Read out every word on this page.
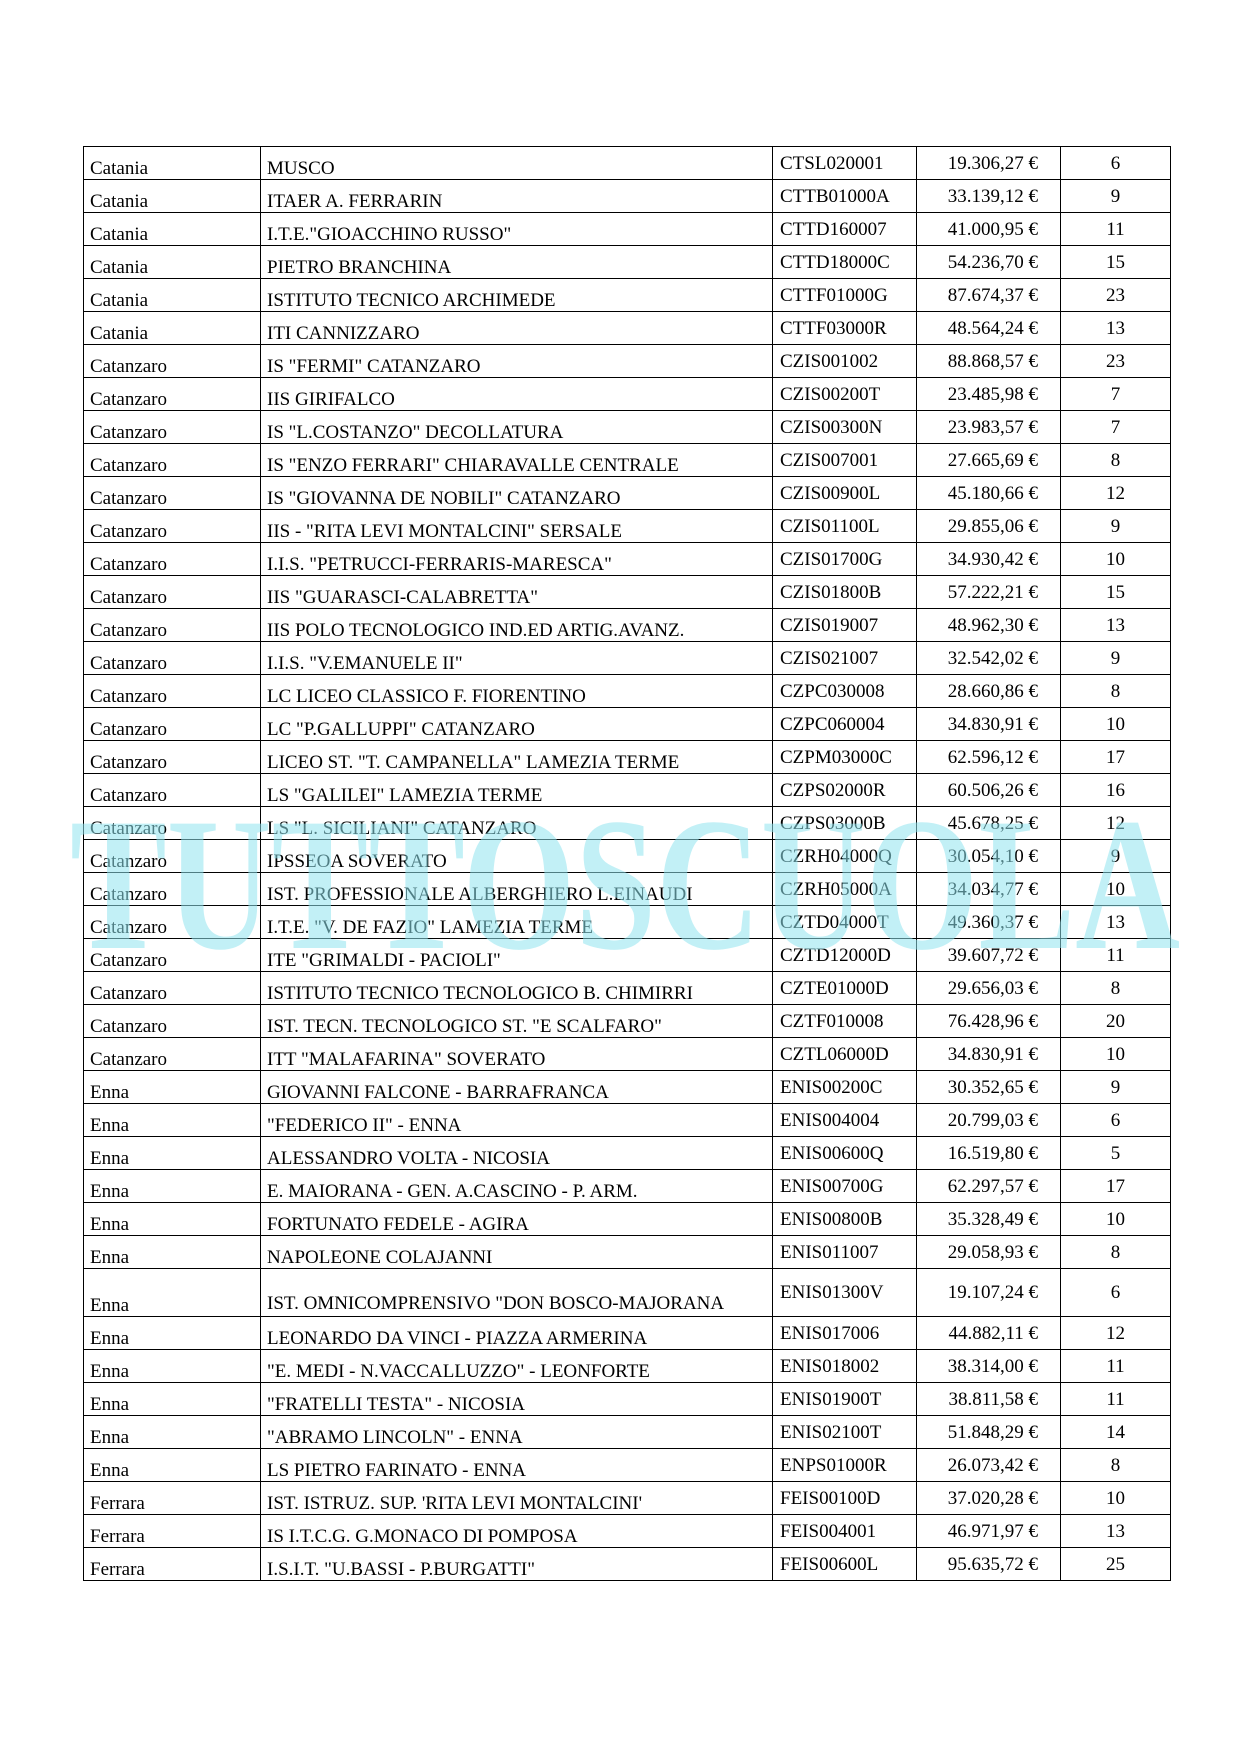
Catania	MUSCO	CTSL020001	19.306,27 €	6
Catania	ITAER A. FERRARIN	CTTB01000A	33.139,12 €	9
Catania	I.T.E."GIOACCHINO RUSSO"	CTTD160007	41.000,95 €	11
Catania	PIETRO BRANCHINA	CTTD18000C	54.236,70 €	15
Catania	ISTITUTO TECNICO ARCHIMEDE	CTTF01000G	87.674,37 €	23
Catania	ITI CANNIZZARO	CTTF03000R	48.564,24 €	13
Catanzaro	IS "FERMI" CATANZARO	CZIS001002	88.868,57 €	23
Catanzaro	IIS GIRIFALCO	CZIS00200T	23.485,98 €	7
Catanzaro	IS "L.COSTANZO" DECOLLATURA	CZIS00300N	23.983,57 €	7
Catanzaro	IS "ENZO FERRARI" CHIARAVALLE CENTRALE	CZIS007001	27.665,69 €	8
Catanzaro	IS "GIOVANNA DE NOBILI" CATANZARO	CZIS00900L	45.180,66 €	12
Catanzaro	IIS - "RITA LEVI MONTALCINI" SERSALE	CZIS01100L	29.855,06 €	9
Catanzaro	I.I.S. "PETRUCCI-FERRARIS-MARESCA"	CZIS01700G	34.930,42 €	10
Catanzaro	IIS "GUARASCI-CALABRETTA"	CZIS01800B	57.222,21 €	15
Catanzaro	IIS POLO TECNOLOGICO IND.ED ARTIG.AVANZ.	CZIS019007	48.962,30 €	13
Catanzaro	I.I.S. "V.EMANUELE II"	CZIS021007	32.542,02 €	9
Catanzaro	LC LICEO CLASSICO F. FIORENTINO	CZPC030008	28.660,86 €	8
Catanzaro	LC "P.GALLUPPI" CATANZARO	CZPC060004	34.830,91 €	10
Catanzaro	LICEO ST. "T. CAMPANELLA" LAMEZIA TERME	CZPM03000C	62.596,12 €	17
Catanzaro	LS "GALILEI" LAMEZIA TERME	CZPS02000R	60.506,26 €	16
Catanzaro	LS "L. SICILIANI" CATANZARO	CZPS03000B	45.678,25 €	12
Catanzaro	IPSSEOA SOVERATO	CZRH04000Q	30.054,10 €	9
Catanzaro	IST. PROFESSIONALE ALBERGHIERO L.EINAUDI	CZRH05000A	34.034,77 €	10
Catanzaro	I.T.E. "V. DE FAZIO" LAMEZIA TERME	CZTD04000T	49.360,37 €	13
Catanzaro	ITE "GRIMALDI - PACIOLI"	CZTD12000D	39.607,72 €	11
Catanzaro	ISTITUTO TECNICO TECNOLOGICO B. CHIMIRRI	CZTE01000D	29.656,03 €	8
Catanzaro	IST. TECN. TECNOLOGICO ST. "E SCALFARO"	CZTF010008	76.428,96 €	20
Catanzaro	ITT "MALAFARINA" SOVERATO	CZTL06000D	34.830,91 €	10
Enna	GIOVANNI FALCONE - BARRAFRANCA	ENIS00200C	30.352,65 €	9
Enna	"FEDERICO II" - ENNA	ENIS004004	20.799,03 €	6
Enna	ALESSANDRO VOLTA - NICOSIA	ENIS00600Q	16.519,80 €	5
Enna	E. MAIORANA - GEN. A.CASCINO - P. ARM.	ENIS00700G	62.297,57 €	17
Enna	FORTUNATO FEDELE - AGIRA	ENIS00800B	35.328,49 €	10
Enna	NAPOLEONE COLAJANNI	ENIS011007	29.058,93 €	8
Enna	IST. OMNICOMPRENSIVO "DON BOSCO-MAJORANA	ENIS01300V	19.107,24 €	6
Enna	LEONARDO DA VINCI - PIAZZA ARMERINA	ENIS017006	44.882,11 €	12
Enna	"E. MEDI - N.VACCALLUZZO" - LEONFORTE	ENIS018002	38.314,00 €	11
Enna	"FRATELLI TESTA" - NICOSIA	ENIS01900T	38.811,58 €	11
Enna	"ABRAMO LINCOLN" - ENNA	ENIS02100T	51.848,29 €	14
Enna	LS PIETRO FARINATO - ENNA	ENPS01000R	26.073,42 €	8
Ferrara	IST. ISTRUZ. SUP. 'RITA LEVI MONTALCINI'	FEIS00100D	37.020,28 €	10
Ferrara	IS I.T.C.G. G.MONACO DI POMPOSA	FEIS004001	46.971,97 €	13
Ferrara	I.S.I.T. "U.BASSI - P.BURGATTI"	FEIS00600L	95.635,72 €	25
TUTTOSCUOLA
